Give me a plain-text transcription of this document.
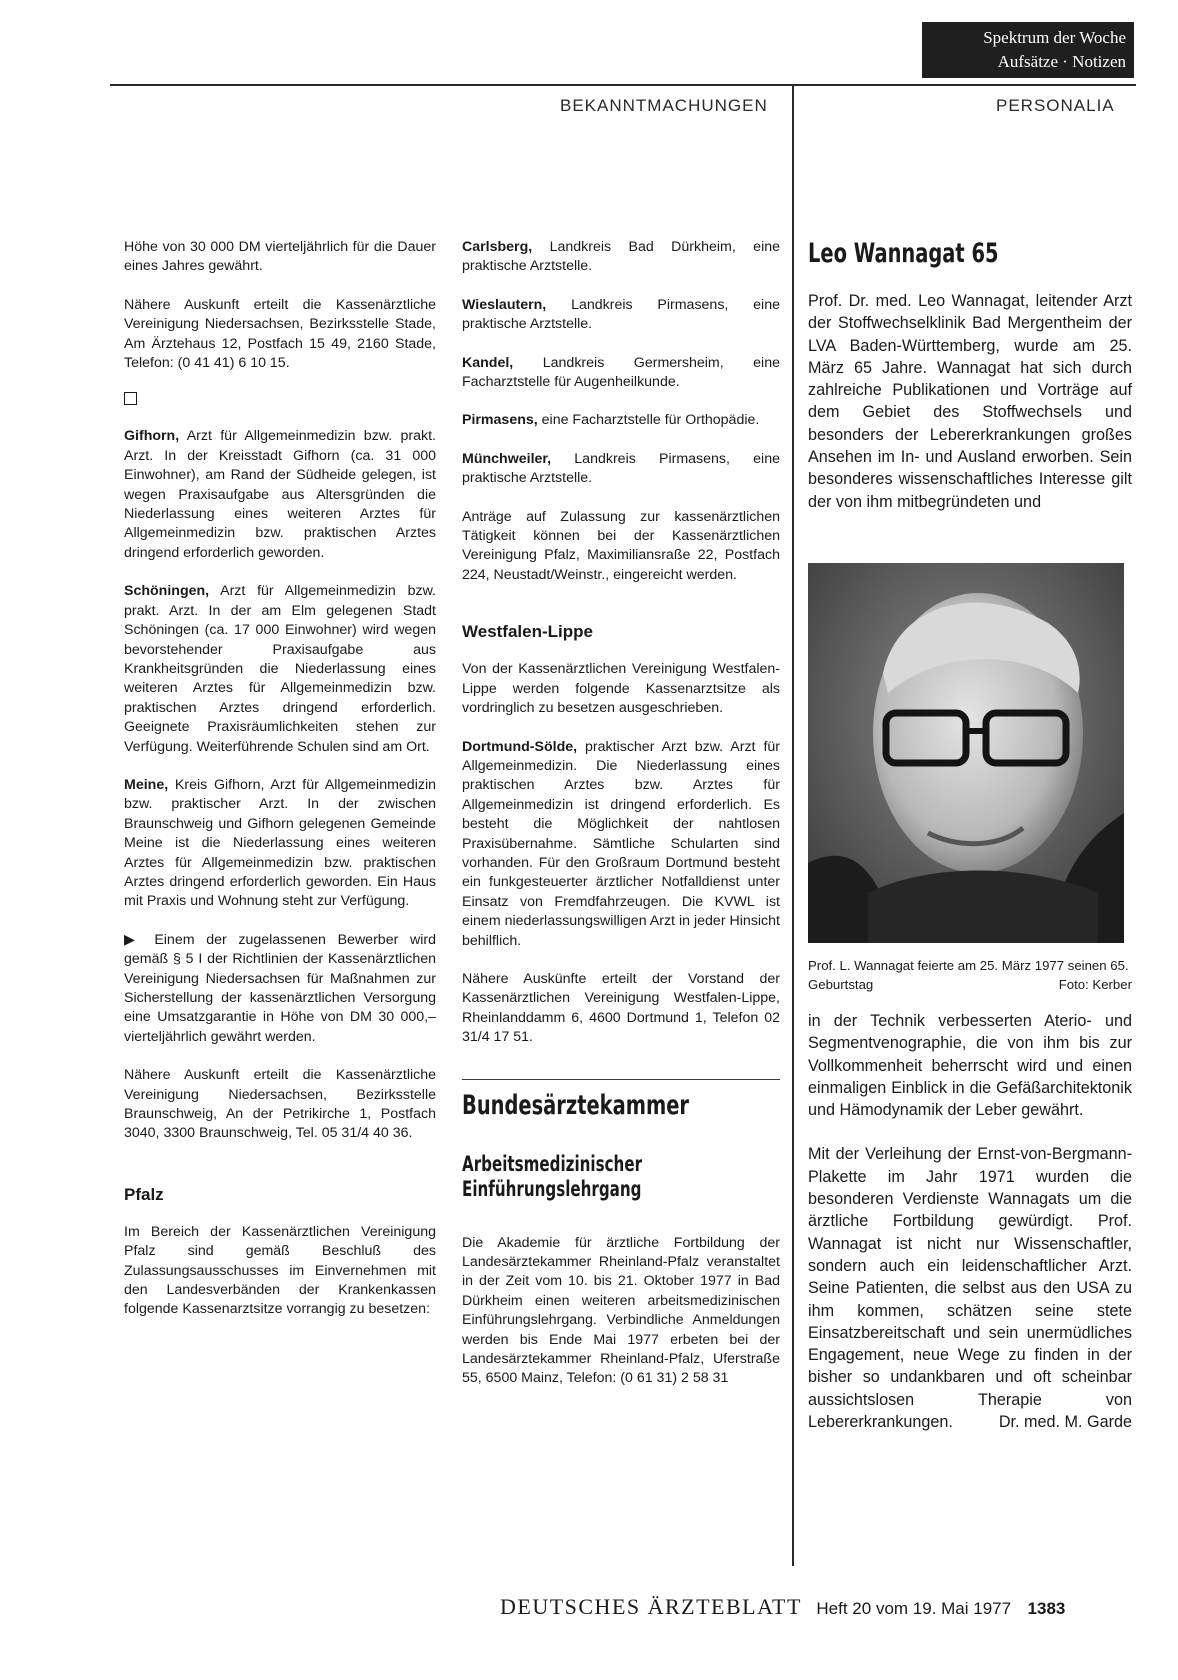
Spektrum der Woche
Aufsätze · Notizen
BEKANNTMACHUNGEN	PERSONALIA

Höhe von 30 000 DM vierteljährlich für die Dauer eines Jahres gewährt.

Nähere Auskunft erteilt die Kassenärztliche Vereinigung Niedersachsen, Bezirksstelle Stade, Am Ärztehaus 12, Postfach 15 49, 2160 Stade, Telefon: (0 41 41) 6 10 15.

Gifhorn, Arzt für Allgemeinmedizin bzw. prakt. Arzt. In der Kreisstadt Gifhorn (ca. 31 000 Einwohner), am Rand der Südheide gelegen, ist wegen Praxisaufgabe aus Altersgründen die Niederlassung eines weiteren Arztes für Allgemeinmedizin bzw. praktischen Arztes dringend erforderlich geworden.

Schöningen, Arzt für Allgemeinmedizin bzw. prakt. Arzt. In der am Elm gelegenen Stadt Schöningen (ca. 17 000 Einwohner) wird wegen bevorstehender Praxisaufgabe aus Krankheitsgründen die Niederlassung eines weiteren Arztes für Allgemeinmedizin bzw. praktischen Arztes dringend erforderlich. Geeignete Praxisräumlichkeiten stehen zur Verfügung. Weiterführende Schulen sind am Ort.

Meine, Kreis Gifhorn, Arzt für Allgemeinmedizin bzw. praktischer Arzt. In der zwischen Braunschweig und Gifhorn gelegenen Gemeinde Meine ist die Niederlassung eines weiteren Arztes für Allgemeinmedizin bzw. praktischen Arztes dringend erforderlich geworden. Ein Haus mit Praxis und Wohnung steht zur Verfügung.

▶ Einem der zugelassenen Bewerber wird gemäß § 5 I der Richtlinien der Kassenärztlichen Vereinigung Niedersachsen für Maßnahmen zur Sicherstellung der kassenärztlichen Versorgung eine Umsatzgarantie in Höhe von DM 30 000,– vierteljährlich gewährt werden.

Nähere Auskunft erteilt die Kassenärztliche Vereinigung Niedersachsen, Bezirksstelle Braunschweig, An der Petrikirche 1, Postfach 3040, 3300 Braunschweig, Tel. 05 31/4 40 36.

Pfalz

Im Bereich der Kassenärztlichen Vereinigung Pfalz sind gemäß Beschluß des Zulassungsausschusses im Einvernehmen mit den Landesverbänden der Krankenkassen folgende Kassenarztsitze vorrangig zu besetzen:

Carlsberg, Landkreis Bad Dürkheim, eine praktische Arztstelle.

Wieslautern, Landkreis Pirmasens, eine praktische Arztstelle.

Kandel, Landkreis Germersheim, eine Facharztstelle für Augenheilkunde.

Pirmasens, eine Facharztstelle für Orthopädie.

Münchweiler, Landkreis Pirmasens, eine praktische Arztstelle.

Anträge auf Zulassung zur kassenärztlichen Tätigkeit können bei der Kassenärztlichen Vereinigung Pfalz, Maximiliansraße 22, Postfach 224, Neustadt/Weinstr., eingereicht werden.

Westfalen-Lippe

Von der Kassenärztlichen Vereinigung Westfalen-Lippe werden folgende Kassenarztsitze als vordringlich zu besetzen ausgeschrieben.

Dortmund-Sölde, praktischer Arzt bzw. Arzt für Allgemeinmedizin. Die Niederlassung eines praktischen Arztes bzw. Arztes für Allgemeinmedizin ist dringend erforderlich. Es besteht die Möglichkeit der nahtlosen Praxisübernahme. Sämtliche Schularten sind vorhanden. Für den Großraum Dortmund besteht ein funkgesteuerter ärztlicher Notfalldienst unter Einsatz von Fremdfahrzeugen. Die KVWL ist einem niederlassungswilligen Arzt in jeder Hinsicht behilflich.

Nähere Auskünfte erteilt der Vorstand der Kassenärztlichen Vereinigung Westfalen-Lippe, Rheinlanddamm 6, 4600 Dortmund 1, Telefon 02 31/4 17 51.

Bundesärztekammer
Arbeitsmedizinischer
Einführungslehrgang

Die Akademie für ärztliche Fortbildung der Landesärztekammer Rheinland-Pfalz veranstaltet in der Zeit vom 10. bis 21. Oktober 1977 in Bad Dürkheim einen weiteren arbeitsmedizinischen Einführungslehrgang. Verbindliche Anmeldungen werden bis Ende Mai 1977 erbeten bei der Landesärztekammer Rheinland-Pfalz, Uferstraße 55, 6500 Mainz, Telefon: (0 61 31) 2 58 31

Leo Wannagat 65

Prof. Dr. med. Leo Wannagat, leitender Arzt der Stoffwechselklinik Bad Mergentheim der LVA Baden-Württemberg, wurde am 25. März 65 Jahre. Wannagat hat sich durch zahlreiche Publikationen und Vorträge auf dem Gebiet des Stoffwechsels und besonders der Lebererkrankungen großes Ansehen im In- und Ausland erworben. Sein besonderes wissenschaftliches Interesse gilt der von ihm mitbegründeten und

Prof. L. Wannagat feierte am 25. März 1977 seinen 65. Geburtstag	Foto: Kerber

in der Technik verbesserten Aterio- und Segmentvenographie, die von ihm bis zur Vollkommenheit beherrscht wird und einen einmaligen Einblick in die Gefäßarchitektonik und Hämodynamik der Leber gewährt.

Mit der Verleihung der Ernst-von-Bergmann-Plakette im Jahr 1971 wurden die besonderen Verdienste Wannagats um die ärztliche Fortbildung gewürdigt. Prof. Wannagat ist nicht nur Wissenschaftler, sondern auch ein leidenschaftlicher Arzt. Seine Patienten, die selbst aus den USA zu ihm kommen, schätzen seine stete Einsatzbereitschaft und sein unermüdliches Engagement, neue Wege zu finden in der bisher so undankbaren und oft scheinbar aussichtslosen Therapie von Lebererkrankungen.	Dr. med. M. Garde

DEUTSCHES ÄRZTEBLATT Heft 20 vom 19. Mai 1977 1383
